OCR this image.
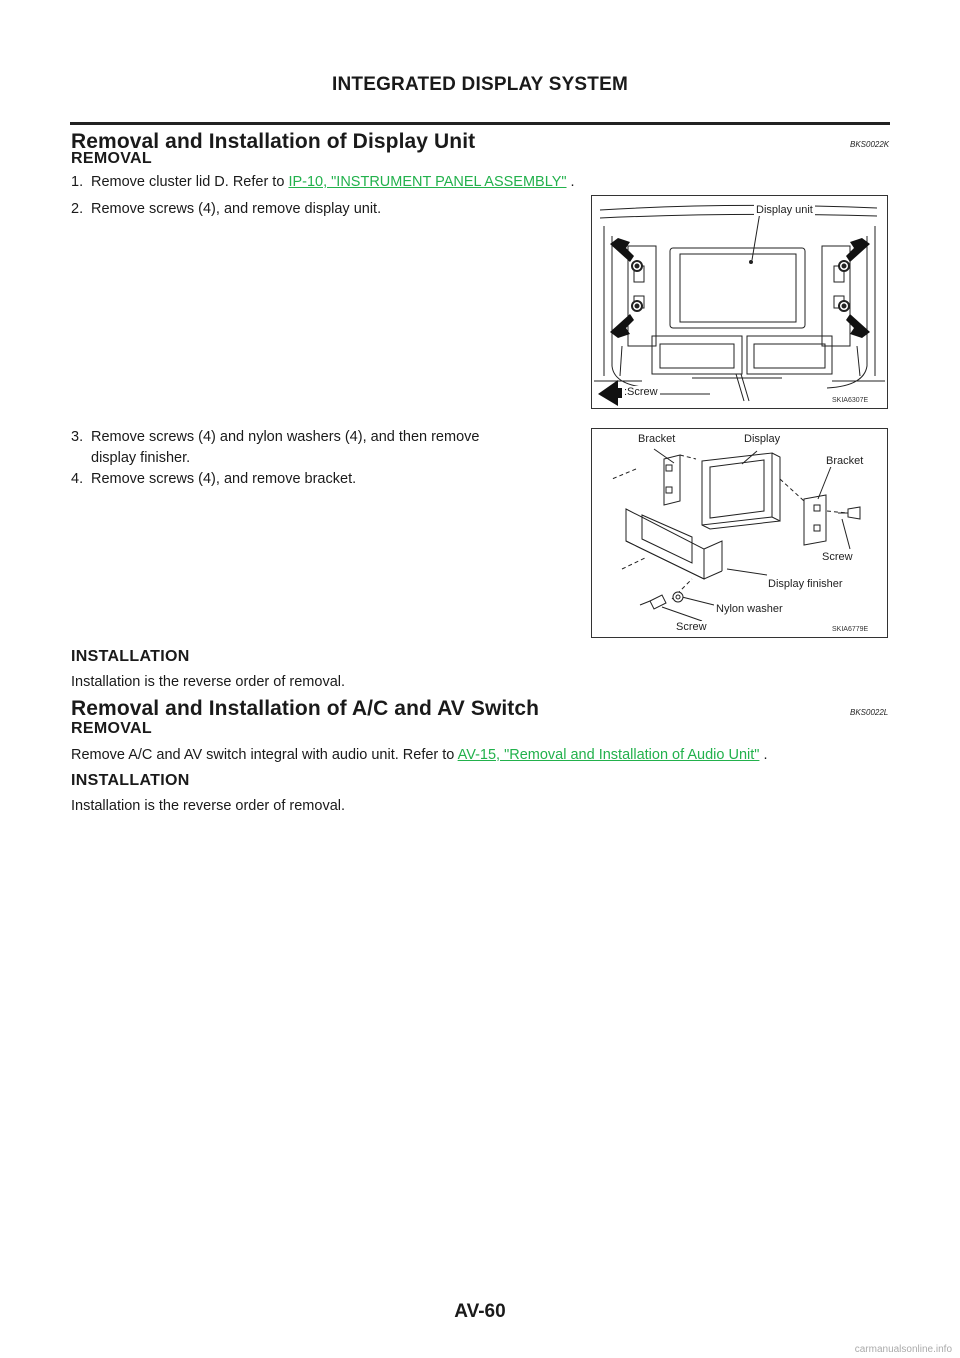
INTEGRATED DISPLAY SYSTEM
Removal and Installation of Display Unit	BKS0022K
REMOVAL
1. Remove cluster lid D. Refer to IP-10, "INSTRUMENT PANEL ASSEMBLY" .
2. Remove screws (4), and remove display unit.
3. Remove screws (4) and nylon washers (4), and then remove
display finisher.
4. Remove screws (4), and remove bracket.
Display unit
:Screw
SKIA6307E
Bracket	Display
Bracket
Screw
Display finisher
Nylon washer
Screw	SKIA6779E
INSTALLATION
Installation is the reverse order of removal.
Removal and Installation of A/C and AV Switch	BKS0022L
REMOVAL
Remove A/C and AV switch integral with audio unit. Refer to AV-15, "Removal and Installation of Audio Unit" .
INSTALLATION
Installation is the reverse order of removal.
AV-60
carmanualsonline.info
